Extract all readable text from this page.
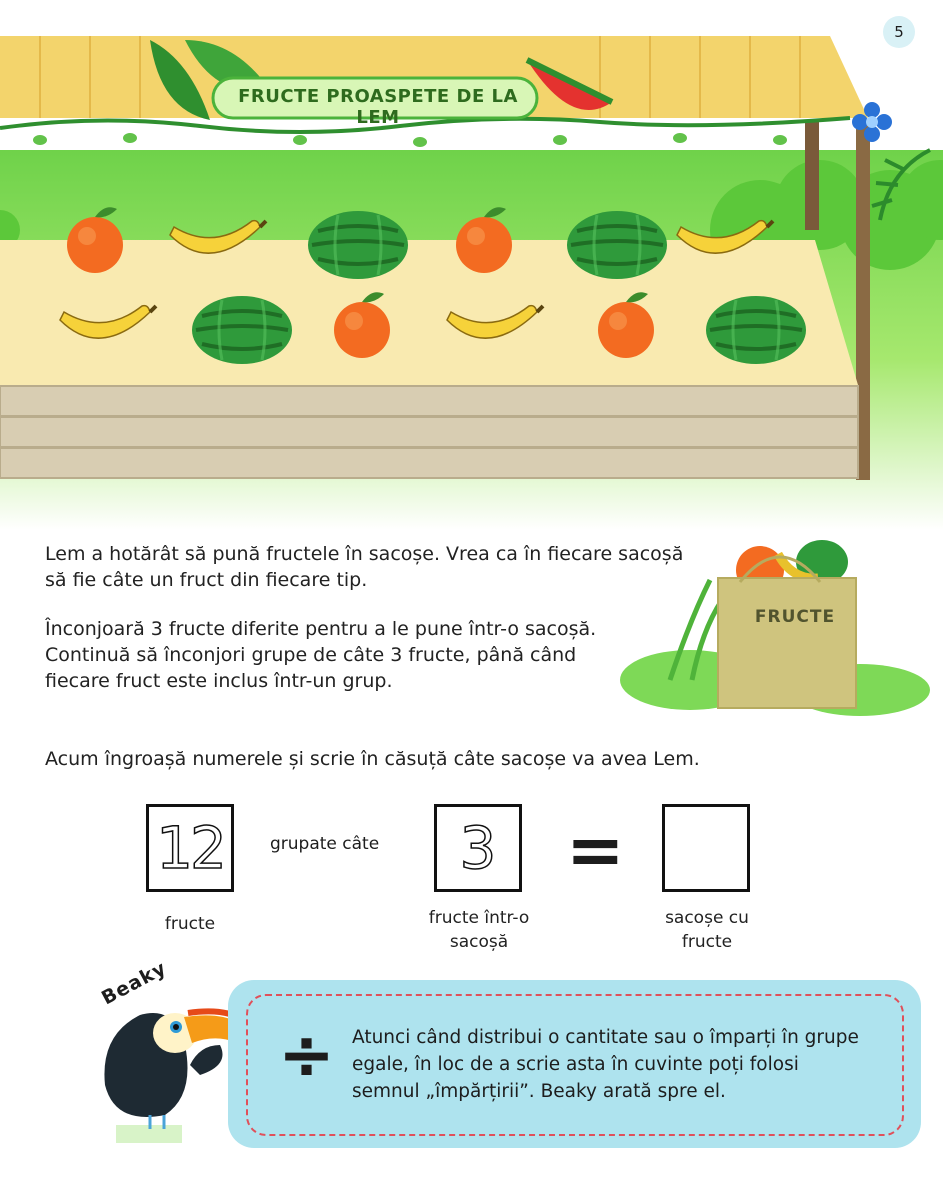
5
FRUCTE PROASPETE DE LA LEM
FRUCTE
Lem a hotărât să pună fructele în sacoșe. Vrea ca în fiecare sacoșă să fie câte un fruct din fiecare tip.
Înconjoară 3 fructe diferite pentru a le pune într-o sacoșă. Continuă să înconjori grupe de câte 3 fructe, până când fiecare fruct este inclus într-un grup.
Acum îngroașă numerele și scrie în căsuță câte sacoșe va avea Lem.
12	grupate câte	3 =
fructe	fructe într-o
sacoșă
sacoșe cu
fructe
Beaky
÷ Atunci când distribui o cantitate sau o împarți în grupe egale, în loc de a scrie asta în cuvinte poți folosi semnul „împărțirii”. Beaky arată spre el.
